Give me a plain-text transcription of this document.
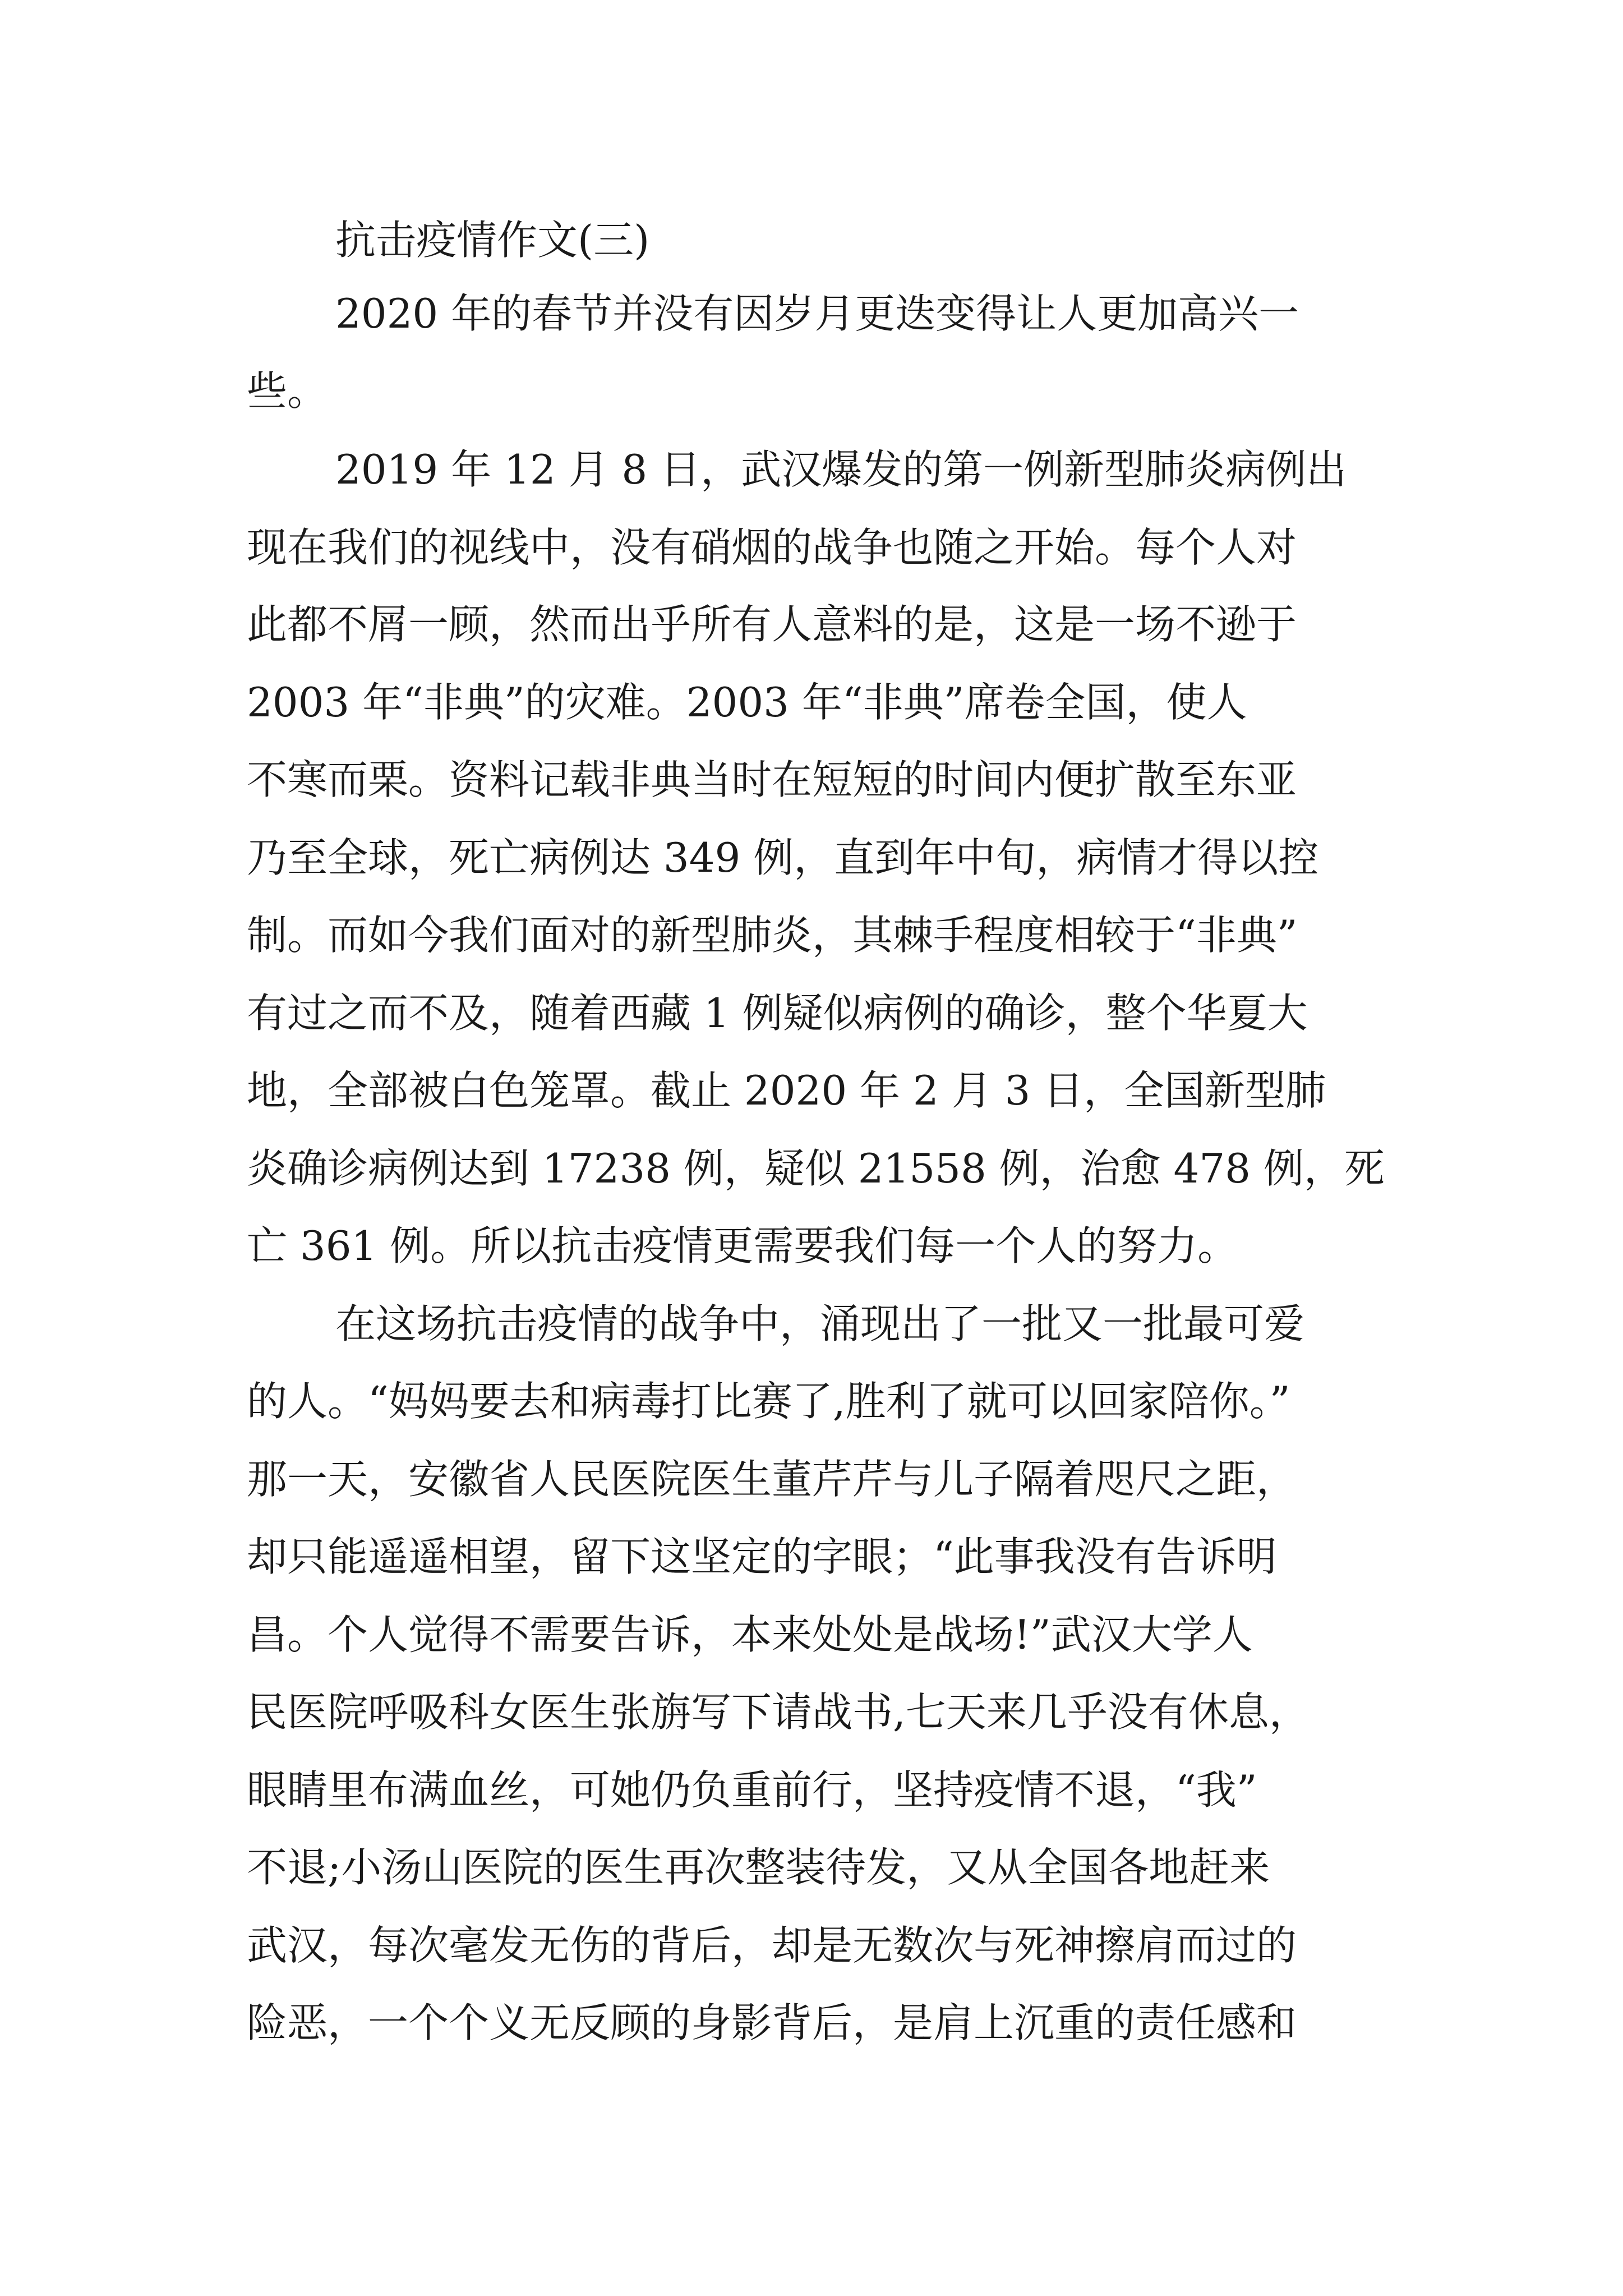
抗击疫情作文(三)

2020 年的春节并没有因岁月更迭变得让人更加高兴一

些。

2019 年 12 月 8 日，武汉爆发的第一例新型肺炎病例出

现在我们的视线中，没有硝烟的战争也随之开始。每个人对

此都不屑一顾，然而出乎所有人意料的是，这是一场不逊于

2003 年“非典”的灾难。2003 年“非典”席卷全国，使人

不寒而栗。资料记载非典当时在短短的时间内便扩散至东亚

乃至全球，死亡病例达 349 例，直到年中旬，病情才得以控

制。而如今我们面对的新型肺炎，其棘手程度相较于“非典”

有过之而不及，随着西藏 1 例疑似病例的确诊，整个华夏大

地，全部被白色笼罩。截止 2020 年 2 月 3 日，全国新型肺

炎确诊病例达到 17238 例，疑似 21558 例，治愈 478 例，死

亡 361 例。所以抗击疫情更需要我们每一个人的努力。

在这场抗击疫情的战争中，涌现出了一批又一批最可爱

的人。“妈妈要去和病毒打比赛了,胜利了就可以回家陪你。”

那一天，安徽省人民医院医生董芹芹与儿子隔着咫尺之距，

却只能遥遥相望，留下这坚定的字眼；“此事我没有告诉明

昌。个人觉得不需要告诉，本来处处是战场!”武汉大学人

民医院呼吸科女医生张旃写下请战书,七天来几乎没有休息，

眼睛里布满血丝，可她仍负重前行，坚持疫情不退，“我”

不退;小汤山医院的医生再次整装待发，又从全国各地赶来

武汉，每次毫发无伤的背后，却是无数次与死神擦肩而过的

险恶，一个个义无反顾的身影背后，是肩上沉重的责任感和
